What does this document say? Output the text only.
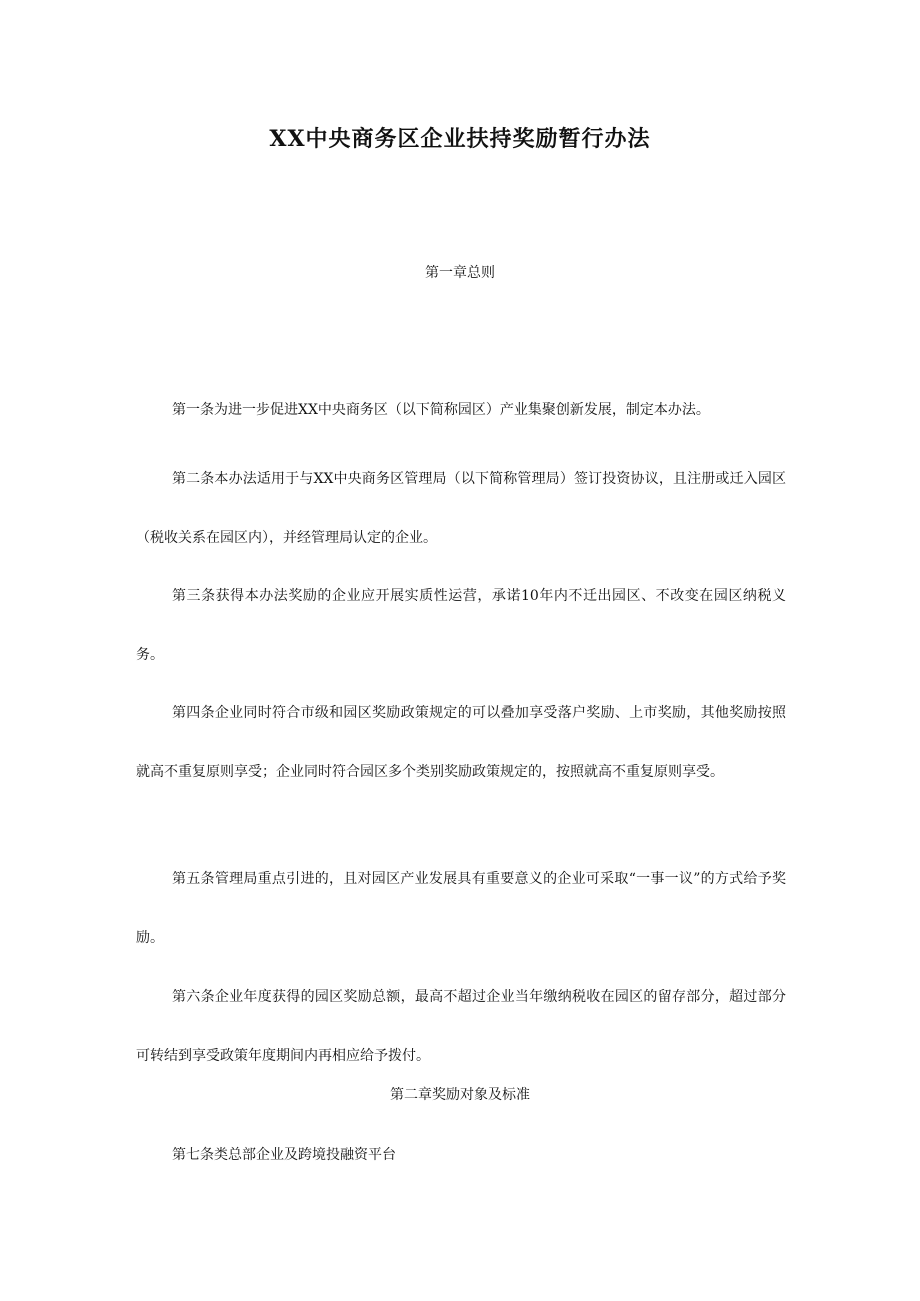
XX中央商务区企业扶持奖励暂行办法
第一章总则

第一条为进一步促进XX中央商务区（以下简称园区）产业集聚创新发展，制定本办法。

第二条本办法适用于与XX中央商务区管理局（以下简称管理局）签订投资协议，且注册或迁入园区（税收关系在园区内），并经管理局认定的企业。

第三条获得本办法奖励的企业应开展实质性运营，承诺10年内不迁出园区、不改变在园区纳税义务。

第四条企业同时符合市级和园区奖励政策规定的可以叠加享受落户奖励、上市奖励，其他奖励按照就高不重复原则享受；企业同时符合园区多个类别奖励政策规定的，按照就高不重复原则享受。

第五条管理局重点引进的，且对园区产业发展具有重要意义的企业可采取“一事一议”的方式给予奖励。

第六条企业年度获得的园区奖励总额，最高不超过企业当年缴纳税收在园区的留存部分，超过部分可转结到享受政策年度期间内再相应给予拨付。

第二章奖励对象及标准

第七条类总部企业及跨境投融资平台
